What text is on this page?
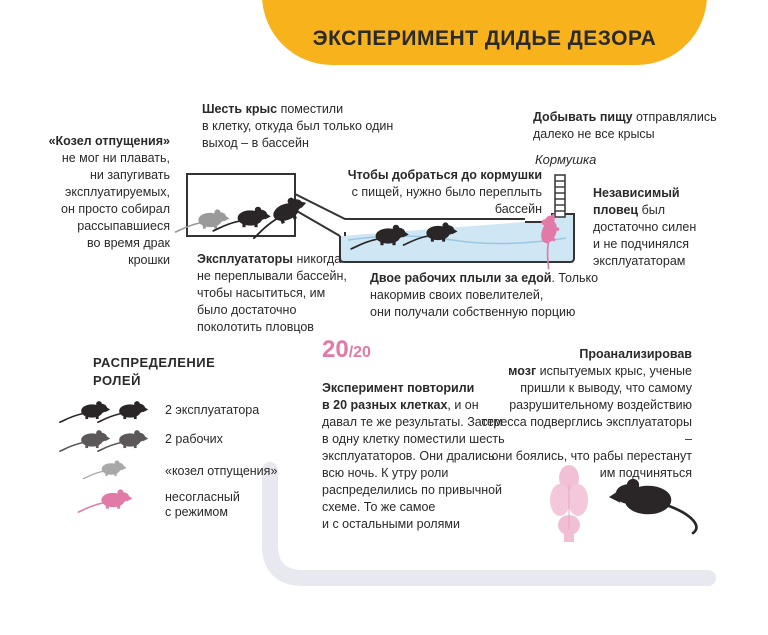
ЭКСПЕРИМЕНТ ДИДЬЕ ДЕЗОРА
Шесть крыс поместили
в клетку, откуда был только один
выход – в бассейн
«Козел отпущения»
не мог ни плавать,
ни запугивать
эксплуатируемых,
он просто собирал
рассыпавшиеся
во время драк
крошки
Чтобы добраться до кормушки
с пищей, нужно было переплыть бассейн
Добывать пищу отправлялись
далеко не все крысы
Кормушка
Независимый
пловец был
достаточно силен
и не подчинялся
эксплуататорам
Эксплуататоры никогда
не переплывали бассейн,
чтобы насытиться, им
было достаточно
поколотить пловцов
Двое рабочих плыли за едой. Только
накормив своих повелителей,
они получали собственную порцию
РАСПРЕДЕЛЕНИЕ
РОЛЕЙ
2 эксплуататора
2 рабочих
«козел отпущения»
несогласный
с режимом
20/20
Эксперимент повторили
в 20 разных клетках, и он
давал те же результаты. Затем
в одну клетку поместили шесть
эксплуататоров. Они дрались
всю ночь. К утру роли
распределились по привычной
схеме. То же самое
и с остальными ролями
Проанализировав
мозг испытуемых крыс, ученые
пришли к выводу, что самому
разрушительному воздействию
стресса подверглись эксплуататоры –
они боялись, что рабы перестанут
им подчиняться
